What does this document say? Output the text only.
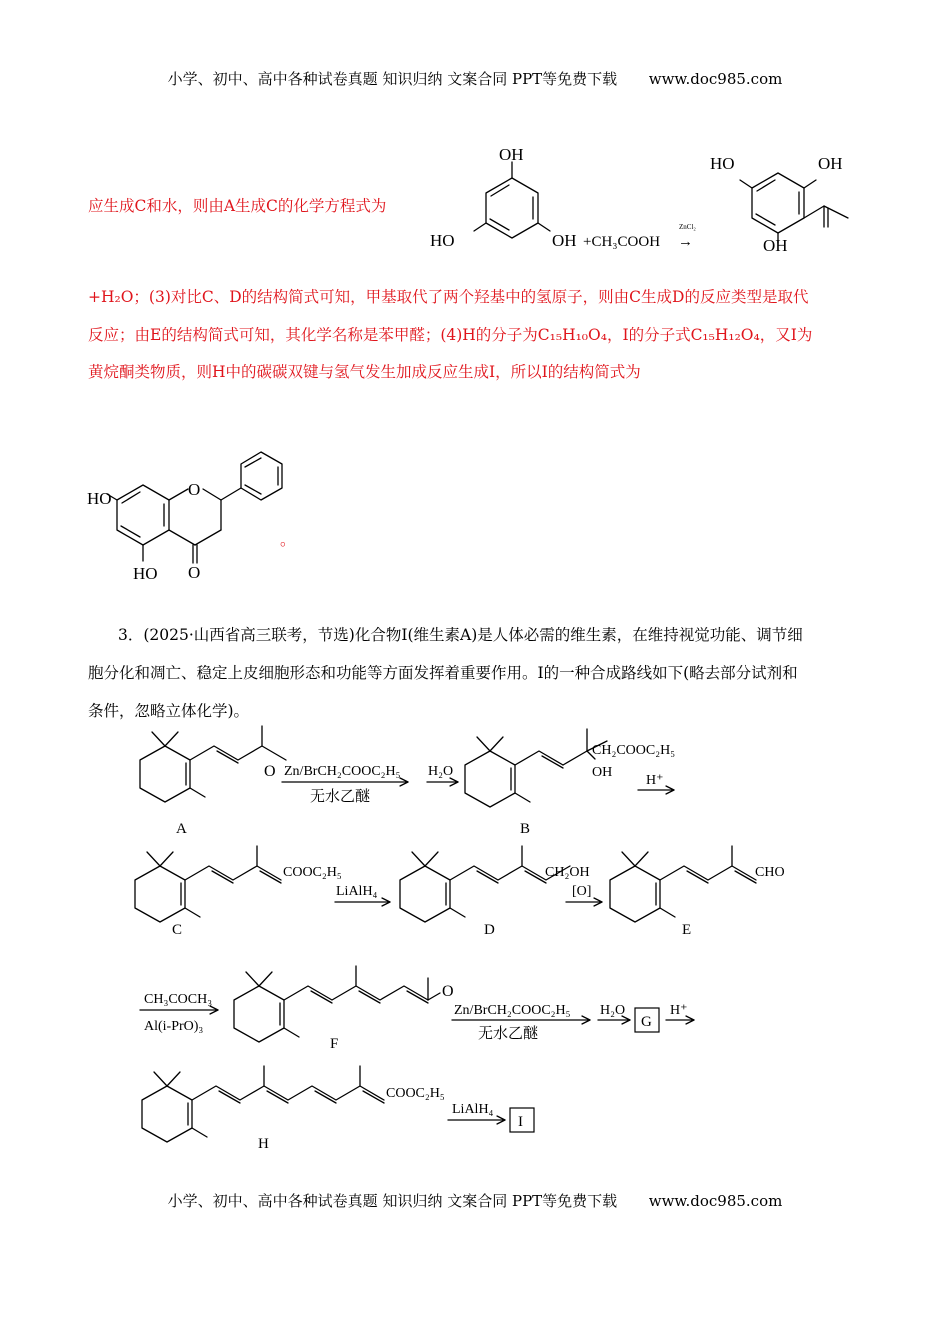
小学、初中、高中各种试卷真题 知识归纳 文案合同 PPT等免费下载 www.doc985.com
应生成C和水，则由A生成C的化学方程式为
OH
OH
HO	+CH₃COOH
ZnCl₂
→
HO	OH
OH
+H₂O；(3)对比C、D的结构简式可知，甲基取代了两个羟基中的氢原子，则由C生成D的反应类型是取代
反应；由E的结构简式可知，其化学名称是苯甲醛；(4)H的分子为C₁₅H₁₀O₄，I的分子式C₁₅H₁₂O₄，又I为
黄烷酮类物质，则H中的碳碳双键与氢气发生加成反应生成I，所以I的结构简式为
HO
HO
O
O
。
3．(2025·山西省高三联考，节选)化合物I(维生素A)是人体必需的维生素，在维持视觉功能、调节细
胞分化和凋亡、稳定上皮细胞形态和功能等方面发挥着重要作用。I的一种合成路线如下(略去部分试剂和
条件，忽略立体化学)。
O
A
Zn/BrCH₂COOC₂H₅
无水乙醚
H₂O
CH₂COOC₂H₅
OH
B
H⁺
COOC₂H₅
C
LiAlH₄
CH₂OH
D
[O]
CHO
E
CH₃COCH₃
Al(i-PrO)₃
O
F
Zn/BrCH₂COOC₂H₅
无水乙醚
H₂O
G
H⁺
COOC₂H₅
H
LiAlH₄
I
小学、初中、高中各种试卷真题 知识归纳 文案合同 PPT等免费下载 www.doc985.com
